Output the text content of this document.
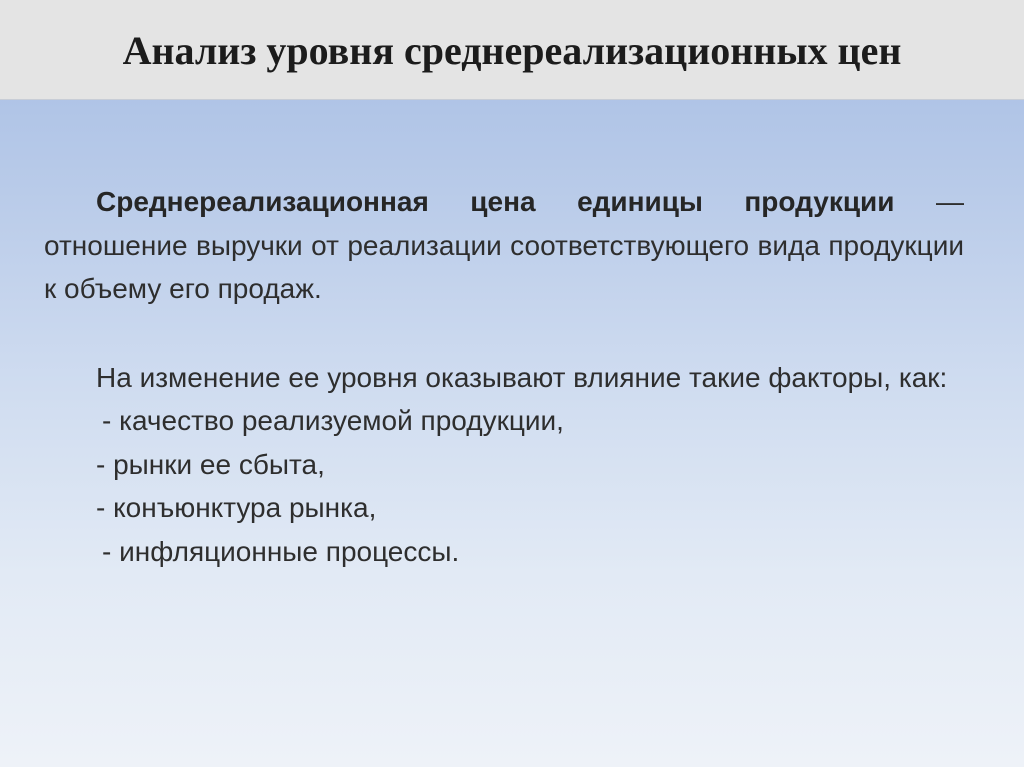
Анализ уровня среднереализационных цен

Среднереализационная цена единицы продукции — отношение выручки от реализации соответствующего вида продукции к объему его продаж.

На изменение ее уровня оказывают влияние такие факторы, как:

- качество реализуемой продукции,
- рынки ее сбыта,
- конъюнктура рынка,
- инфляционные процессы.
